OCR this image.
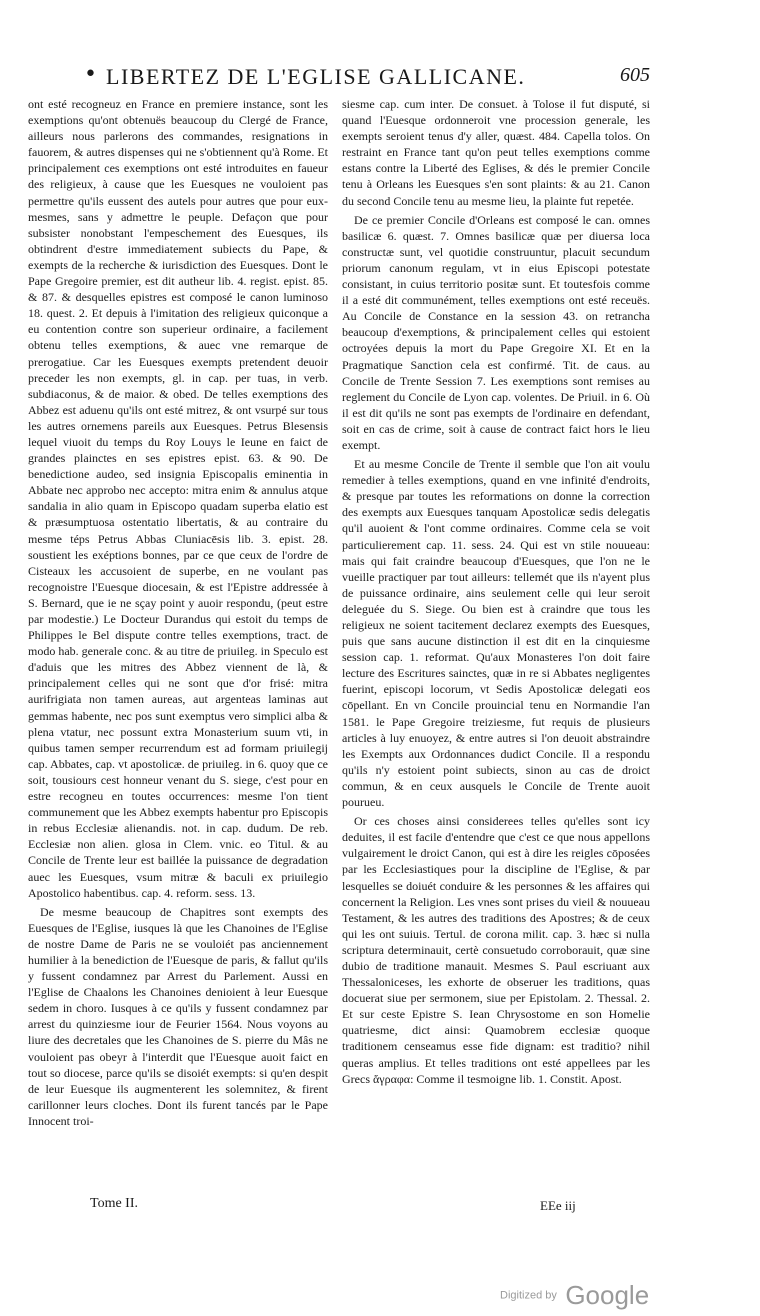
• LIBERTEZ DE L'EGLISE GALLICANE.	605

ont esté recogneuz en France en premiere instance, sont les exemptions qu'ont obtenuës beaucoup du Clergé de France, ailleurs nous parlerons des commandes, resignations in fauorem, & autres dispenses qui ne s'obtiennent qu'à Rome. Et principalement ces exemptions ont esté introduites en faueur des religieux, à cause que les Euesques ne vouloient pas permettre qu'ils eussent des autels pour autres que pour eux-mesmes, sans y admettre le peuple. Defaçon que pour subsister nonobstant l'empeschement des Euesques, ils obtindrent d'estre immediatement subiects du Pape, & exempts de la recherche & iurisdiction des Euesques. Dont le Pape Gregoire premier, est dit autheur lib. 4. regist. epist. 85. & 87. & desquelles epistres est composé le canon luminoso 18. quest. 2. Et depuis à l'imitation des religieux quiconque a eu contention contre son superieur ordinaire, a facilement obtenu telles exemptions, & auec vne remarque de prerogatiue. Car les Euesques exempts pretendent deuoir preceder les non exempts, gl. in cap. per tuas, in verb. subdiaconus, & de maior. & obed. De telles exemptions des Abbez est aduenu qu'ils ont esté mitrez, & ont vsurpé sur tous les autres ornemens pareils aux Euesques. Petrus Blesensis lequel viuoit du temps du Roy Louys le Ieune en faict de grandes plainctes en ses epistres epist. 63. & 90. De benedictione audeo, sed insignia Episcopalis eminentia in Abbate nec approbo nec accepto: mitra enim & annulus atque sandalia in alio quam in Episcopo quadam superba elatio est & præsumptuosa ostentatio libertatis, & au contraire du mesme téps Petrus Abbas Cluniacēsis lib. 3. epist. 28. soustient les exéptions bonnes, par ce que ceux de l'ordre de Cisteaux les accusoient de superbe, en ne voulant pas recognoistre l'Euesque diocesain, & est l'Epistre addressée à S. Bernard, que ie ne sçay point y auoir respondu, (peut estre par modestie.) Le Docteur Durandus qui estoit du temps de Philippes le Bel dispute contre telles exemptions, tract. de modo hab. generale conc. & au titre de priuileg. in Speculo est d'aduis que les mitres des Abbez viennent de là, & principalement celles qui ne sont que d'or frisé: mitra aurifrigiata non tamen aureas, aut argenteas laminas aut gemmas habente, nec pos sunt exemptus vero simplici alba & plena vtatur, nec possunt extra Monasterium suum vti, in quibus tamen semper recurrendum est ad formam priuilegij cap. Abbates, cap. vt apostolicæ. de priuileg. in 6. quoy que ce soit, tousiours cest honneur venant du S. siege, c'est pour en estre recogneu en toutes occurrences: mesme l'on tient communement que les Abbez exempts habentur pro Episcopis in rebus Ecclesiæ alienandis. not. in cap. dudum. De reb. Ecclesiæ non alien. glosa in Clem. vnic. eo Titul. & au Concile de Trente leur est baillée la puissance de degradation auec les Euesques, vsum mitræ & baculi ex priuilegio Apostolico habentibus. cap. 4. reform. sess. 13.

De mesme beaucoup de Chapitres sont exempts des Euesques de l'Eglise, iusques là que les Chanoines de l'Eglise de nostre Dame de Paris ne se vouloiét pas anciennement humilier à la benediction de l'Euesque de paris, & fallut qu'ils y fussent condamnez par Arrest du Parlement. Aussi en l'Eglise de Chaalons les Chanoines denioient à leur Euesque sedem in choro. Iusques à ce qu'ils y fussent condamnez par arrest du quinziesme iour de Feurier 1564. Nous voyons au liure des decretales que les Chanoines de S. pierre du Mâs ne vouloient pas obeyr à l'interdit que l'Euesque auoit faict en tout so diocese, parce qu'ils se disoiét exempts: si qu'en despit de leur Euesque ils augmenterent les solemnitez, & firent carillonner leurs cloches. Dont ils furent tancés par le Pape Innocent troi-

siesme cap. cum inter. De consuet. à Tolose il fut disputé, si quand l'Euesque ordonneroit vne procession generale, les exempts seroient tenus d'y aller, quæst. 484. Capella tolos. On restraint en France tant qu'on peut telles exemptions comme estans contre la Liberté des Eglises, & dés le premier Concile tenu à Orleans les Euesques s'en sont plaints: & au 21. Canon du second Concile tenu au mesme lieu, la plainte fut repetée.

De ce premier Concile d'Orleans est composé le can. omnes basilicæ 6. quæst. 7. Omnes basilicæ quæ per diuersa loca constructæ sunt, vel quotidie construuntur, placuit secundum priorum canonum regulam, vt in eius Episcopi potestate consistant, in cuius territorio positæ sunt. Et toutesfois comme il a esté dit communément, telles exemptions ont esté receuës. Au Concile de Constance en la session 43. on retrancha beaucoup d'exemptions, & principalement celles qui estoient octroyées depuis la mort du Pape Gregoire XI. Et en la Pragmatique Sanction cela est confirmé. Tit. de caus. au Concile de Trente Session 7. Les exemptions sont remises au reglement du Concile de Lyon cap. volentes. De Priuil. in 6. Où il est dit qu'ils ne sont pas exempts de l'ordinaire en defendant, soit en cas de crime, soit à cause de contract faict hors le lieu exempt.

Et au mesme Concile de Trente il semble que l'on ait voulu remedier à telles exemptions, quand en vne infinité d'endroits, & presque par toutes les reformations on donne la correction des exempts aux Euesques tanquam Apostolicæ sedis delegatis qu'il auoient & l'ont comme ordinaires. Comme cela se voit particulierement cap. 11. sess. 24. Qui est vn stile nouueau: mais qui fait craindre beaucoup d'Euesques, que l'on ne le vueille practiquer par tout ailleurs: tellemét que ils n'ayent plus de puissance ordinaire, ains seulement celle qui leur seroit deleguée du S. Siege. Ou bien est à craindre que tous les religieux ne soient tacitement declarez exempts des Euesques, puis que sans aucune distinction il est dit en la cinquiesme session cap. 1. reformat. Qu'aux Monasteres l'on doit faire lecture des Escritures sainctes, quæ in re si Abbates negligentes fuerint, episcopi locorum, vt Sedis Apostolicæ delegati eos cōpellant. En vn Concile prouincial tenu en Normandie l'an 1581. le Pape Gregoire treiziesme, fut requis de plusieurs articles à luy enuoyez, & entre autres si l'on deuoit abstraindre les Exempts aux Ordonnances dudict Concile. Il a respondu qu'ils n'y estoient point subiects, sinon au cas de droict commun, & en ceux ausquels le Concile de Trente auoit pourueu.

Or ces choses ainsi considerees telles qu'elles sont icy deduites, il est facile d'entendre que c'est ce que nous appellons vulgairement le droict Canon, qui est à dire les reigles cōposées par les Ecclesiastiques pour la discipline de l'Eglise, & par lesquelles se doiuét conduire & les personnes & les affaires qui concernent la Religion. Les vnes sont prises du vieil & nouueau Testament, & les autres des traditions des Apostres; & de ceux qui les ont suiuis. Tertul. de corona milit. cap. 3. hæc si nulla scriptura determinauit, certè consuetudo corroborauit, quæ sine dubio de traditione manauit. Mesmes S. Paul escriuant aux Thessaloniceses, les exhorte de obseruer les traditions, quas docuerat siue per sermonem, siue per Epistolam. 2. Thessal. 2. Et sur ceste Epistre S. Iean Chrysostome en son Homelie quatriesme, dict ainsi: Quamobrem ecclesiæ quoque traditionem censeamus esse fide dignam: est traditio? nihil queras amplius. Et telles traditions ont esté appellees par les Grecs ἄγραφα: Comme il tesmoigne lib. 1. Constit. Apost.

Tome II.	EEe iij
Digitized by Google
